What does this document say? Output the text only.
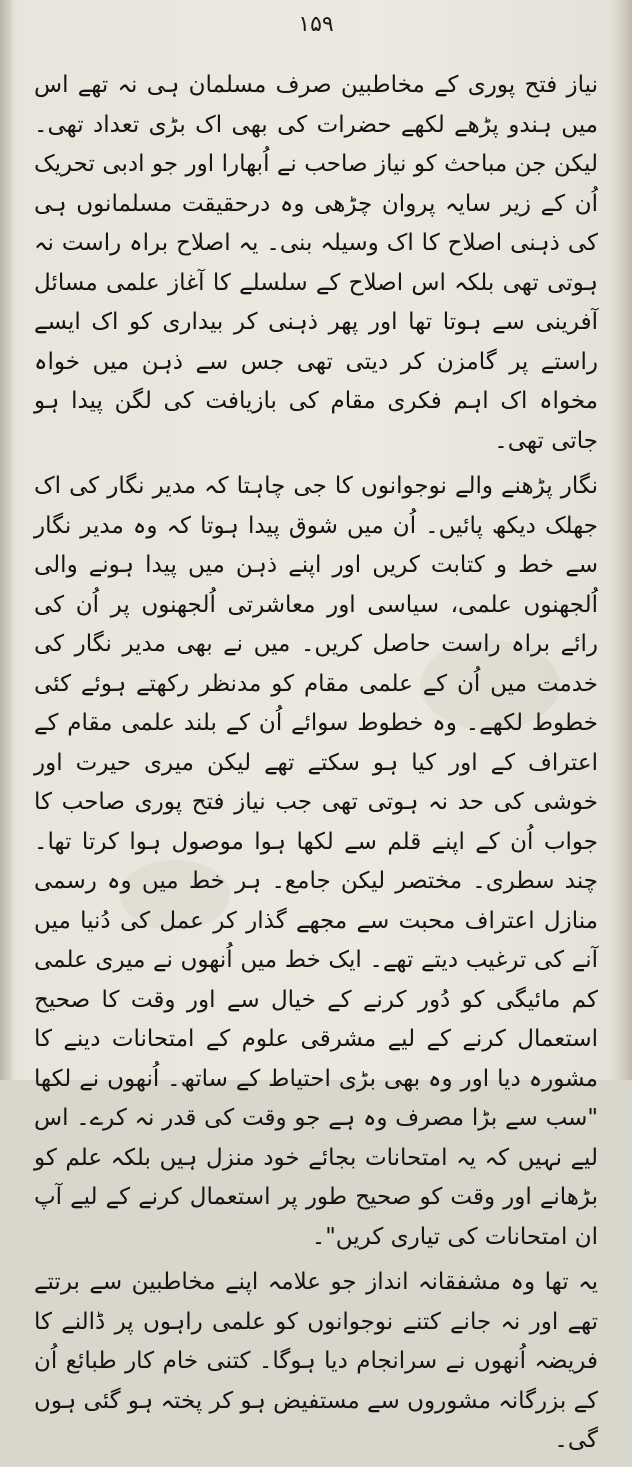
۱۵۹

نیاز فتح پوری کے مخاطبین صرف مسلمان ہی نہ تھے اس میں ہندو پڑھے لکھے حضرات کی بھی اک بڑی تعداد تھی۔ لیکن جن مباحث کو نیاز صاحب نے اُبھارا اور جو ادبی تحریک اُن کے زیر سایہ پروان چڑھی وہ درحقیقت مسلمانوں ہی کی ذہنی اصلاح کا اک وسیلہ بنی۔ یہ اصلاح براہ راست نہ ہوتی تھی بلکہ اس اصلاح کے سلسلے کا آغاز علمی مسائل آفرینی سے ہوتا تھا اور پھر ذہنی کر بیداری کو اک ایسے راستے پر گامزن کر دیتی تھی جس سے ذہن میں خواہ مخواہ اک اہم فکری مقام کی بازیافت کی لگن پیدا ہو جاتی تھی۔

نگار پڑھنے والے نوجوانوں کا جی چاہتا کہ مدیر نگار کی اک جھلک دیکھ پائیں۔ اُن میں شوق پیدا ہوتا کہ وہ مدیر نگار سے خط و کتابت کریں اور اپنے ذہن میں پیدا ہونے والی اُلجھنوں علمی، سیاسی اور معاشرتی اُلجھنوں پر اُن کی رائے براہ راست حاصل کریں۔ میں نے بھی مدیر نگار کی خدمت میں اُن کے علمی مقام کو مدنظر رکھتے ہوئے کئی خطوط لکھے۔ وہ خطوط سوائے اُن کے بلند علمی مقام کے اعتراف کے اور کیا ہو سکتے تھے لیکن میری حیرت اور خوشی کی حد نہ ہوتی تھی جب نیاز فتح پوری صاحب کا جواب اُن کے اپنے قلم سے لکھا ہوا موصول ہوا کرتا تھا۔ چند سطری۔ مختصر لیکن جامع۔ ہر خط میں وہ رسمی منازل اعتراف محبت سے مجھے گذار کر عمل کی دُنیا میں آنے کی ترغیب دیتے تھے۔ ایک خط میں اُنھوں نے میری علمی کم مائیگی کو دُور کرنے کے خیال سے اور وقت کا صحیح استعمال کرنے کے لیے مشرقی علوم کے امتحانات دینے کا مشورہ دیا اور وہ بھی بڑی احتیاط کے ساتھ۔ اُنھوں نے لکھا "سب سے بڑا مصرف وہ ہے جو وقت کی قدر نہ کرے۔ اس لیے نہیں کہ یہ امتحانات بجائے خود منزل ہیں بلکہ علم کو بڑھانے اور وقت کو صحیح طور پر استعمال کرنے کے لیے آپ ان امتحانات کی تیاری کریں"۔

یہ تھا وہ مشفقانہ انداز جو علامہ اپنے مخاطبین سے برتتے تھے اور نہ جانے کتنے نوجوانوں کو علمی راہوں پر ڈالنے کا فریضہ اُنھوں نے سرانجام دیا ہوگا۔ کتنی خام کار طبائع اُن کے بزرگانہ مشوروں سے مستفیض ہو کر پختہ ہو گئی ہوں گی۔
